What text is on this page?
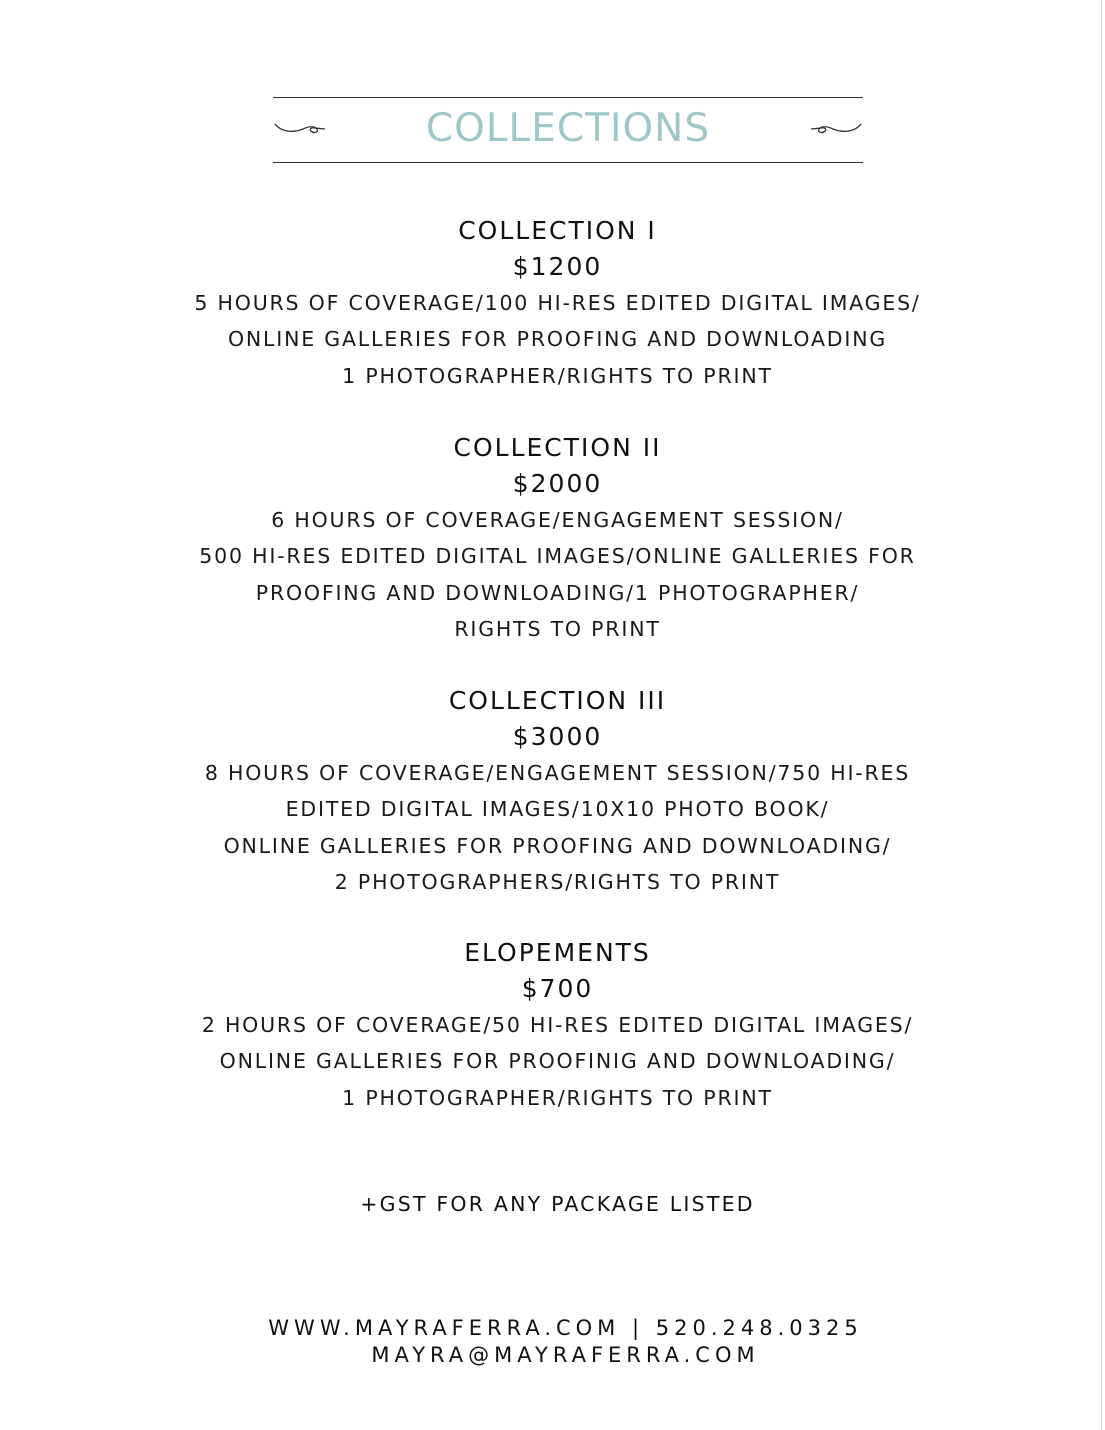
COLLECTIONS
COLLECTION I
$1200
5 HOURS OF COVERAGE/100 HI-RES EDITED DIGITAL IMAGES/
ONLINE GALLERIES FOR PROOFING AND DOWNLOADING
1 PHOTOGRAPHER/RIGHTS TO PRINT
COLLECTION II
$2000
6 HOURS OF COVERAGE/ENGAGEMENT SESSION/
500 HI-RES EDITED DIGITAL IMAGES/ONLINE GALLERIES FOR
PROOFING AND DOWNLOADING/1 PHOTOGRAPHER/
RIGHTS TO PRINT
COLLECTION III
$3000
8 HOURS OF COVERAGE/ENGAGEMENT SESSION/750 HI-RES
EDITED DIGITAL IMAGES/10X10 PHOTO BOOK/
ONLINE GALLERIES FOR PROOFING AND DOWNLOADING/
2 PHOTOGRAPHERS/RIGHTS TO PRINT
ELOPEMENTS
$700
2 HOURS OF COVERAGE/50 HI-RES EDITED DIGITAL IMAGES/
ONLINE GALLERIES FOR PROOFINIG AND DOWNLOADING/
1 PHOTOGRAPHER/RIGHTS TO PRINT
+GST FOR ANY PACKAGE LISTED
WWW.MAYRAFERRA.COM | 520.248.0325
MAYRA@MAYRAFERRA.COM
